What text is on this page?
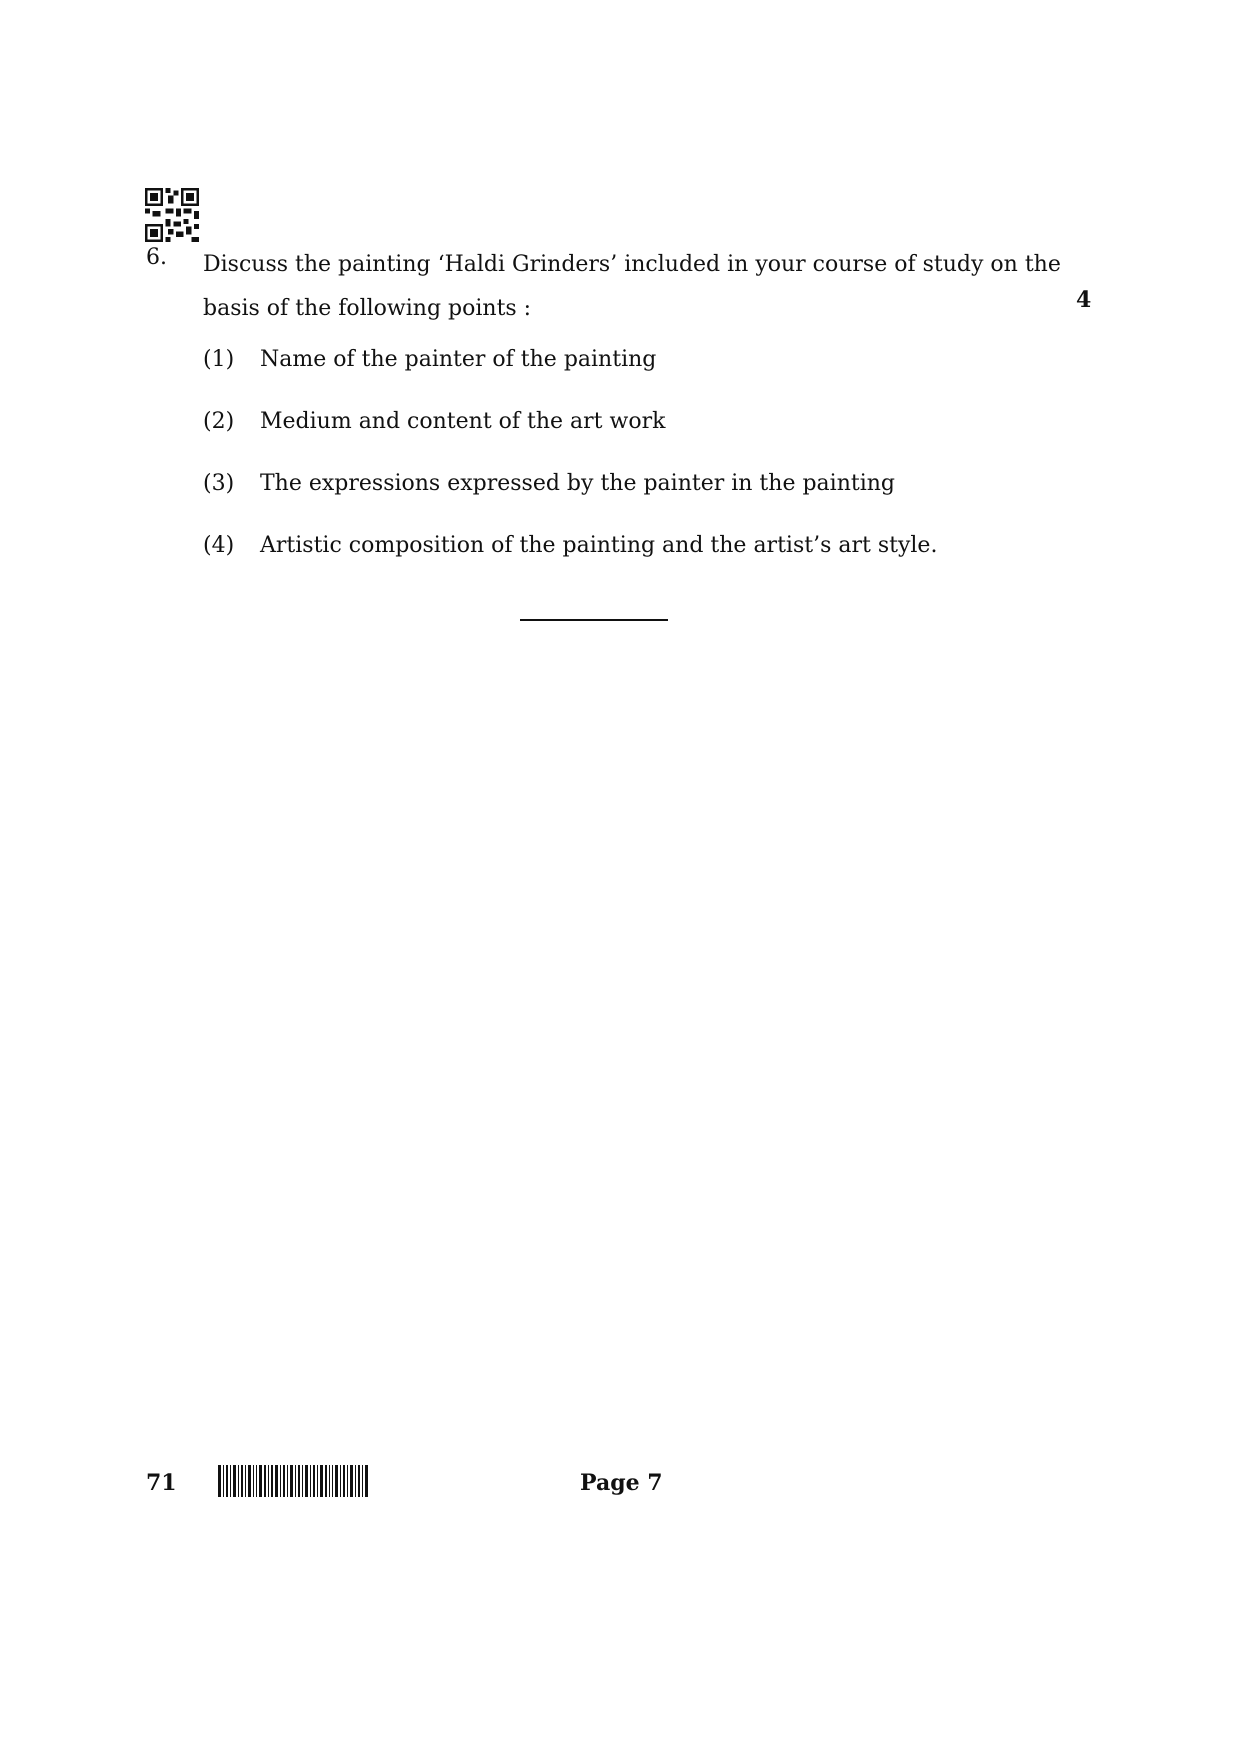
6. Discuss the painting ‘Haldi Grinders’ included in your course of study on the basis of the following points :	4
(1)	Name of the painter of the painting
(2)	Medium and content of the art work
(3)	The expressions expressed by the painter in the painting
(4)	Artistic composition of the painting and the artist’s art style.
71	Page 7
